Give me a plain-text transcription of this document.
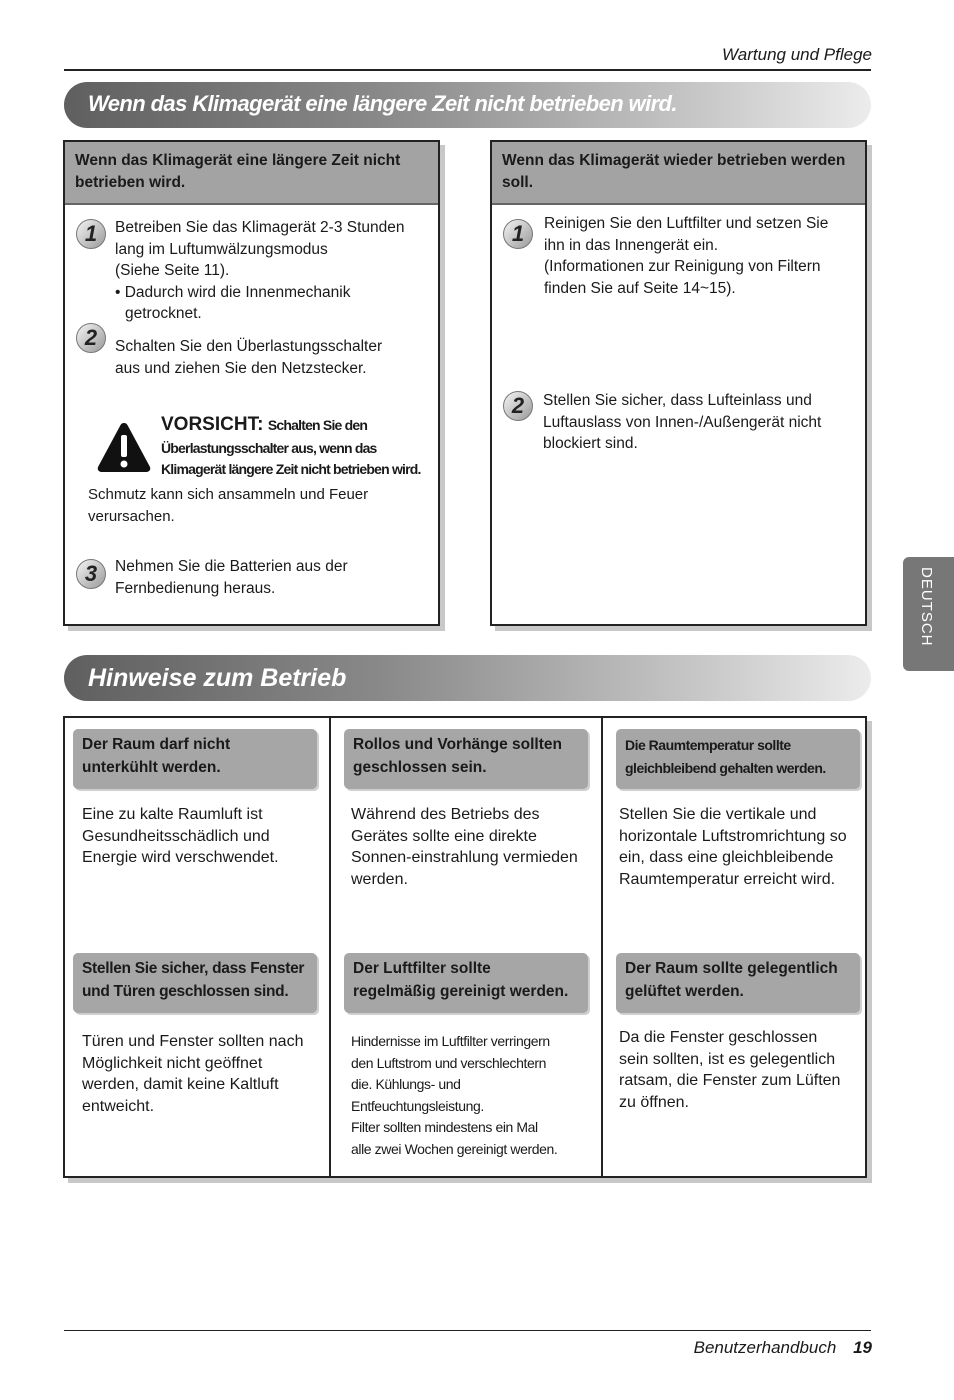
Wartung und Pflege
Wenn das Klimagerät eine längere Zeit nicht betrieben wird.
Wenn das Klimagerät eine längere Zeit nicht betrieben wird.
1	Betreiben Sie das Klimagerät 2-3 Stunden
lang im Luftumwälzungsmodus
(Siehe Seite 11).
• Dadurch wird die Innenmechanik
getrocknet.
2	Schalten Sie den Überlastungsschalter
aus und ziehen Sie den Netzstecker.
VORSICHT: Schalten Sie den
Überlastungsschalter aus, wenn das
Klimagerät längere Zeit nicht betrieben wird.
Schmutz kann sich ansammeln und Feuer
verursachen.
3	Nehmen Sie die Batterien aus der
Fernbedienung heraus.
Wenn das Klimagerät wieder betrieben werden soll.
1	Reinigen Sie den Luftfilter und setzen Sie
ihn in das Innengerät ein.
(Informationen zur Reinigung von Filtern
finden Sie auf Seite 14~15).
2	Stellen Sie sicher, dass Lufteinlass und
Luftauslass von Innen-/Außengerät nicht
blockiert sind.
DEUTSCH
Hinweise zum Betrieb
Der Raum darf nicht
unterkühlt werden.
Eine zu kalte Raumluft ist
Gesundheitsschädlich und
Energie wird verschwendet.
Rollos und Vorhänge sollten
geschlossen sein.
Während des Betriebs des
Gerätes sollte eine direkte
Sonnen-einstrahlung vermieden
werden.
Die Raumtemperatur sollte
gleichbleibend gehalten werden.
Stellen Sie die vertikale und
horizontale Luftstromrichtung so
ein, dass eine gleichbleibende
Raumtemperatur erreicht wird.
Stellen Sie sicher, dass Fenster
und Türen geschlossen sind.
Türen und Fenster sollten nach
Möglichkeit nicht geöffnet
werden, damit keine Kaltluft
entweicht.
Der Luftfilter sollte
regelmäßig gereinigt werden.
Hindernisse im Luftfilter verringern
den Luftstrom und verschlechtern
die. Kühlungs- und
Entfeuchtungsleistung.
Filter sollten mindestens ein Mal
alle zwei Wochen gereinigt werden.
Der Raum sollte gelegentlich
gelüftet werden.
Da die Fenster geschlossen
sein sollten, ist es gelegentlich
ratsam, die Fenster zum Lüften
zu öffnen.
Benutzerhandbuch 19
